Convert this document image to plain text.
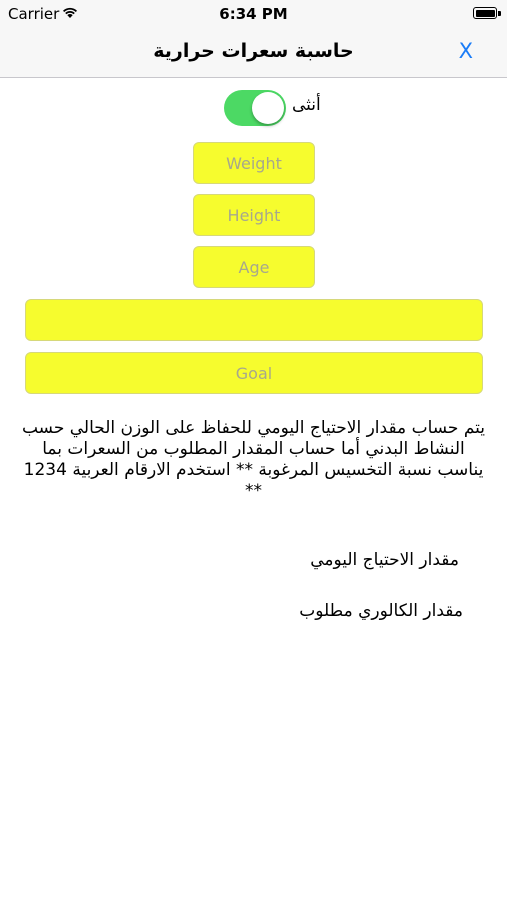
Carrier	6:34 PM
حاسبة سعرات حرارية	X
أنثى
Weight
Height
Age
Goal
يتم حساب مقدار الاحتياج اليومي للحفاظ على الوزن الحالي حسب النشاط البدني أما حساب المقدار المطلوب من السعرات بما يناسب نسبة التخسيس المرغوبة ** استخدم الارقام العربية 1234 **
مقدار الاحتياج اليومي
مقدار الكالوري مطلوب
